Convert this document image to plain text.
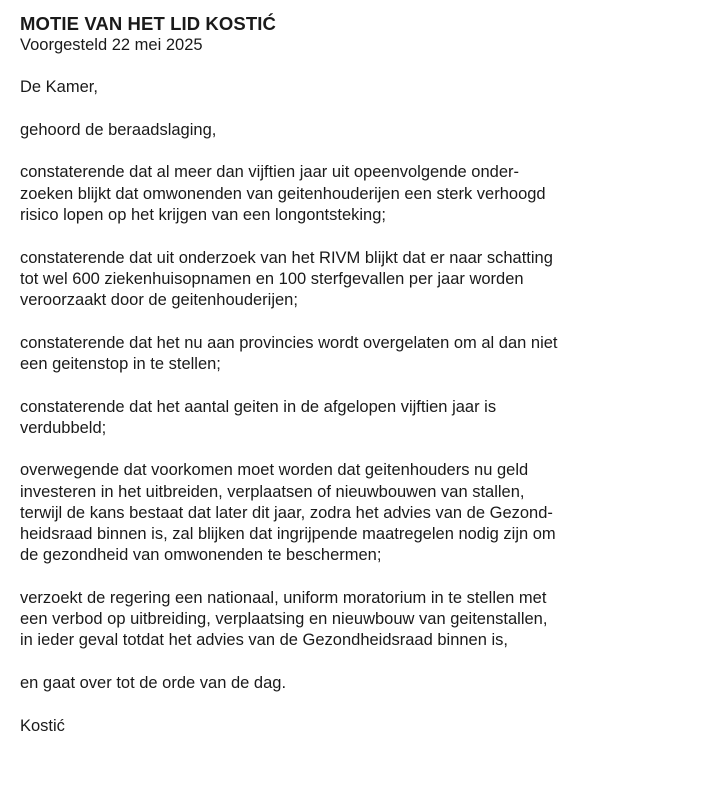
MOTIE VAN HET LID KOSTIĆ

Voorgesteld 22 mei 2025

De Kamer,

gehoord de beraadslaging,

constaterende dat al meer dan vijftien jaar uit opeenvolgende onder-
zoeken blijkt dat omwonenden van geitenhouderijen een sterk verhoogd
risico lopen op het krijgen van een longontsteking;

constaterende dat uit onderzoek van het RIVM blijkt dat er naar schatting
tot wel 600 ziekenhuisopnamen en 100 sterfgevallen per jaar worden
veroorzaakt door de geitenhouderijen;

constaterende dat het nu aan provincies wordt overgelaten om al dan niet
een geitenstop in te stellen;

constaterende dat het aantal geiten in de afgelopen vijftien jaar is
verdubbeld;

overwegende dat voorkomen moet worden dat geitenhouders nu geld
investeren in het uitbreiden, verplaatsen of nieuwbouwen van stallen,
terwijl de kans bestaat dat later dit jaar, zodra het advies van de Gezond-
heidsraad binnen is, zal blijken dat ingrijpende maatregelen nodig zijn om
de gezondheid van omwonenden te beschermen;

verzoekt de regering een nationaal, uniform moratorium in te stellen met
een verbod op uitbreiding, verplaatsing en nieuwbouw van geitenstallen,
in ieder geval totdat het advies van de Gezondheidsraad binnen is,

en gaat over tot de orde van de dag.

Kostić
